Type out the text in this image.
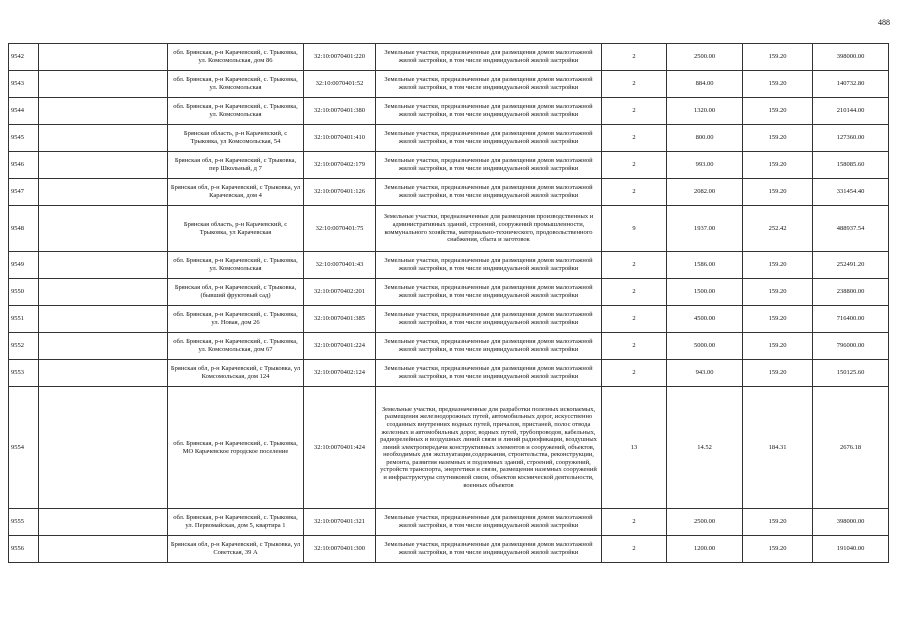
488
9542		обл. Брянская, р-н Карачевский, с. Трыковка, ул. Комсомольская, дом 86	32:10:0070401:220	Земельные участки, предназначенные для размещения домов малоэтажной жилой застройки, в том числе индивидуальной жилой застройки	2	2500.00	159.20	398000.00
9543		обл. Брянская, р-н Карачевский, с. Трыковка, ул. Комсомольская	32:10:0070401:52	Земельные участки, предназначенные для размещения домов малоэтажной жилой застройки, в том числе индивидуальной жилой застройки	2	884.00	159.20	140732.80
9544		обл. Брянская, р-н Карачевский, с. Трыковка, ул. Комсомольская	32:10:0070401:380	Земельные участки, предназначенные для размещения домов малоэтажной жилой застройки, в том числе индивидуальной жилой застройки	2	1320.00	159.20	210144.00
9545		Брянская область, р-н Карачевский, с Трыковка, ул Комсомольская, 54	32:10:0070401:410	Земельные участки, предназначенные для размещения домов малоэтажной жилой застройки, в том числе индивидуальной жилой застройки	2	800.00	159.20	127360.00
9546		Брянская обл, р-н Карачевский, с Трыковка, пер Школьный, д 7	32:10:0070402:179	Земельные участки, предназначенные для размещения домов малоэтажной жилой застройки, в том числе индивидуальной жилой застройки	2	993.00	159.20	158085.60
9547		Брянская обл, р-н Карачевский, с Трыковка, ул Карачевская, дом 4	32:10:0070401:126	Земельные участки, предназначенные для размещения домов малоэтажной жилой застройки, в том числе индивидуальной жилой застройки	2	2082.00	159.20	331454.40
9548		Брянская область, р-н Карачевский, с Трыковка, ул Карачевская	32:10:0070401:75	Земельные участки, предназначенные для размещения производственных и административных зданий, строений, сооружений промышленности, коммунального хозяйства, материально-технического, продовольственного снабжения, сбыта и заготовок	9	1937.00	252.42	488937.54
9549		обл. Брянская, р-н Карачевский, с. Трыковка, ул. Комсомольская	32:10:0070401:43	Земельные участки, предназначенные для размещения домов малоэтажной жилой застройки, в том числе индивидуальной жилой застройки	2	1586.00	159.20	252491.20
9550		Брянская обл, р-н Карачевский, с Трыковка, (бывший фруктовый сад)	32:10:0070402:201	Земельные участки, предназначенные для размещения домов малоэтажной жилой застройки, в том числе индивидуальной жилой застройки	2	1500.00	159.20	238800.00
9551		обл. Брянская, р-н Карачевский, с. Трыковка, ул. Новая, дом 26	32:10:0070401:385	Земельные участки, предназначенные для размещения домов малоэтажной жилой застройки, в том числе индивидуальной жилой застройки	2	4500.00	159.20	716400.00
9552		обл. Брянская, р-н Карачевский, с. Трыковка, ул. Комсомольская, дом 67	32:10:0070401:224	Земельные участки, предназначенные для размещения домов малоэтажной жилой застройки, в том числе индивидуальной жилой застройки	2	5000.00	159.20	796000.00
9553		Брянская обл, р-н Карачевский, с Трыковка, ул Комсомольская, дом 124	32:10:0070402:124	Земельные участки, предназначенные для размещения домов малоэтажной жилой застройки, в том числе индивидуальной жилой застройки	2	943.00	159.20	150125.60
9554		обл. Брянская, р-н Карачевский, с. Трыковка, МО Карачевское городское поселение	32:10:0070401:424	Земельные участки, предназначенные для разработки полезных ископаемых, размещения железнодорожных путей, автомобильных дорог, искусственно созданных внутренних водных путей, причалов, пристаней, полос отвода железных и автомобильных дорог, водных путей, трубопроводов, кабельных, радиорелейных и воздушных линий связи и линий радиофикации, воздушных линий электропередачи конструктивных элементов и сооружений, объектов, необходимых для эксплуатации,содержания, строительства, реконструкции, ремонта, развития наземных и подземных зданий, строений, сооружений, устройств транспорта, энергетики и связи, размещения наземных сооружений и инфраструктуры спутниковой связи, объектов космической деятельности, военных объектов	13	14.52	184.31	2676.18
9555		обл. Брянская, р-н Карачевский, с. Трыковка, ул. Первомайская, дом 5, квартира 1	32:10:0070401:321	Земельные участки, предназначенные для размещения домов малоэтажной жилой застройки, в том числе индивидуальной жилой застройки	2	2500.00	159.20	398000.00
9556		Брянская обл, р-н Карачевский, с Трыковка, ул Советская, 39 А	32:10:0070401:300	Земельные участки, предназначенные для размещения домов малоэтажной жилой застройки, в том числе индивидуальной жилой застройки	2	1200.00	159.20	191040.00
